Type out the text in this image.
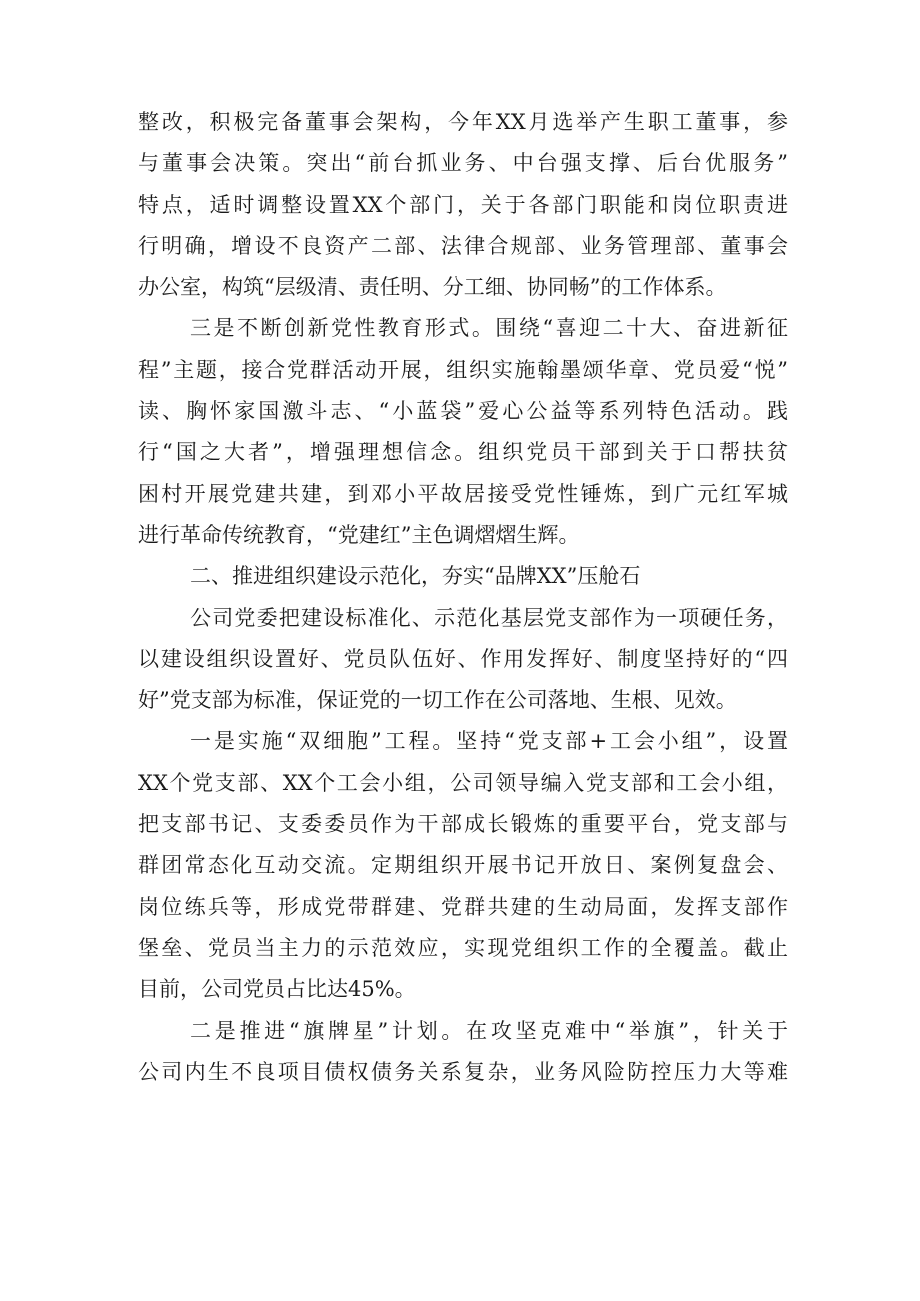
整改，积极完备董事会架构，今年XX月选举产生职工董事，参
与董事会决策。突出“前台抓业务、中台强支撑、后台优服务”
特点，适时调整设置XX个部门，关于各部门职能和岗位职责进
行明确，增设不良资产二部、法律合规部、业务管理部、董事会
办公室，构筑“层级清、责任明、分工细、协同畅”的工作体系。
三是不断创新党性教育形式。围绕“喜迎二十大、奋进新征
程”主题，接合党群活动开展，组织实施翰墨颂华章、党员爱“悦”
读、胸怀家国激斗志、“小蓝袋”爱心公益等系列特色活动。践
行“国之大者”，增强理想信念。组织党员干部到关于口帮扶贫
困村开展党建共建，到邓小平故居接受党性锤炼，到广元红军城
进行革命传统教育，“党建红”主色调熠熠生辉。
二、推进组织建设示范化，夯实“品牌XX”压舱石
公司党委把建设标准化、示范化基层党支部作为一项硬任务，
以建设组织设置好、党员队伍好、作用发挥好、制度坚持好的“四
好”党支部为标准，保证党的一切工作在公司落地、生根、见效。
一是实施“双细胞”工程。坚持“党支部+工会小组”，设置
XX个党支部、XX个工会小组，公司领导编入党支部和工会小组，
把支部书记、支委委员作为干部成长锻炼的重要平台，党支部与
群团常态化互动交流。定期组织开展书记开放日、案例复盘会、
岗位练兵等，形成党带群建、党群共建的生动局面，发挥支部作
堡垒、党员当主力的示范效应，实现党组织工作的全覆盖。截止
目前，公司党员占比达45%。
二是推进“旗牌星”计划。在攻坚克难中“举旗”，针关于
公司内生不良项目债权债务关系复杂，业务风险防控压力大等难
